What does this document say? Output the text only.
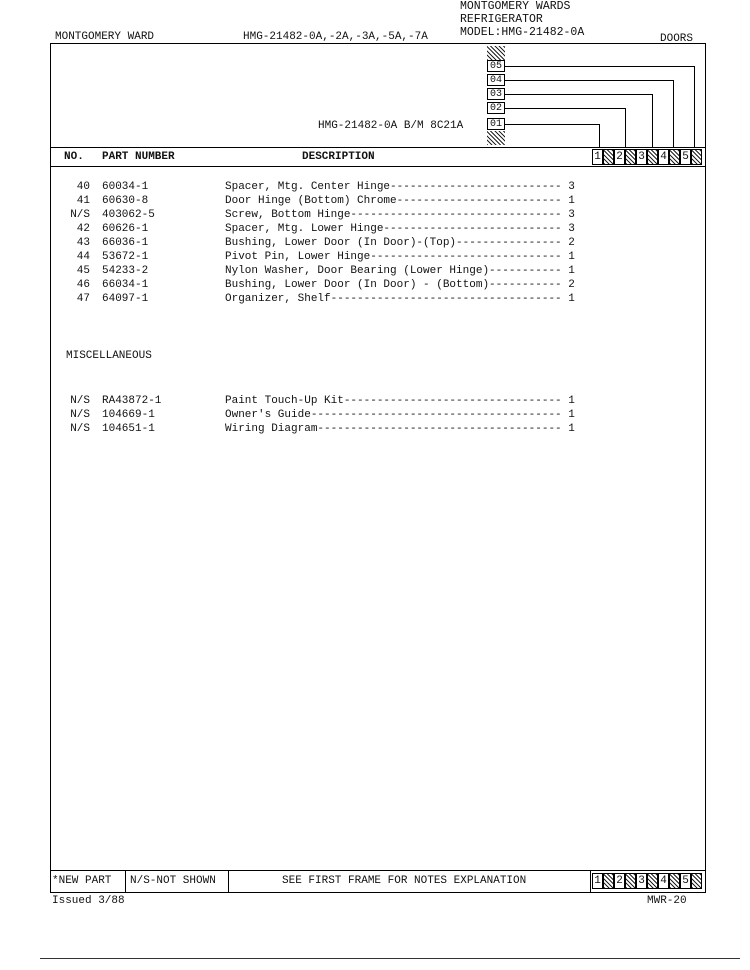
MONTGOMERY WARDS
REFRIGERATOR
MODEL:HMG-21482-0A
MONTGOMERY WARD	HMG-21482-0A,-2A,-3A,-5A,-7A	DOORS
05
04
03
02
01
HMG-21482-0A B/M 8C21A
NO. PART NUMBER	DESCRIPTION	1 2 3 4 5
40 60034-1	Spacer, Mtg. Center Hinge-------------------------- 3
41 60630-8	Door Hinge (Bottom) Chrome------------------------- 1
N/S 403062-5	Screw, Bottom Hinge-------------------------------- 3
42 60626-1	Spacer, Mtg. Lower Hinge--------------------------- 3
43 66036-1	Bushing, Lower Door (In Door)-(Top)---------------- 2
44 53672-1	Pivot Pin, Lower Hinge----------------------------- 1
45 54233-2	Nylon Washer, Door Bearing (Lower Hinge)----------- 1
46 66034-1	Bushing, Lower Door (In Door) - (Bottom)----------- 2
47 64097-1	Organizer, Shelf----------------------------------- 1
MISCELLANEOUS
N/S RA43872-1	Paint Touch-Up Kit--------------------------------- 1
N/S 104669-1	Owner's Guide-------------------------------------- 1
N/S 104651-1	Wiring Diagram------------------------------------- 1
*NEW PART N/S-NOT SHOWN	SEE FIRST FRAME FOR NOTES EXPLANATION	1 2 3 4 5
Issued 3/88	MWR-20
